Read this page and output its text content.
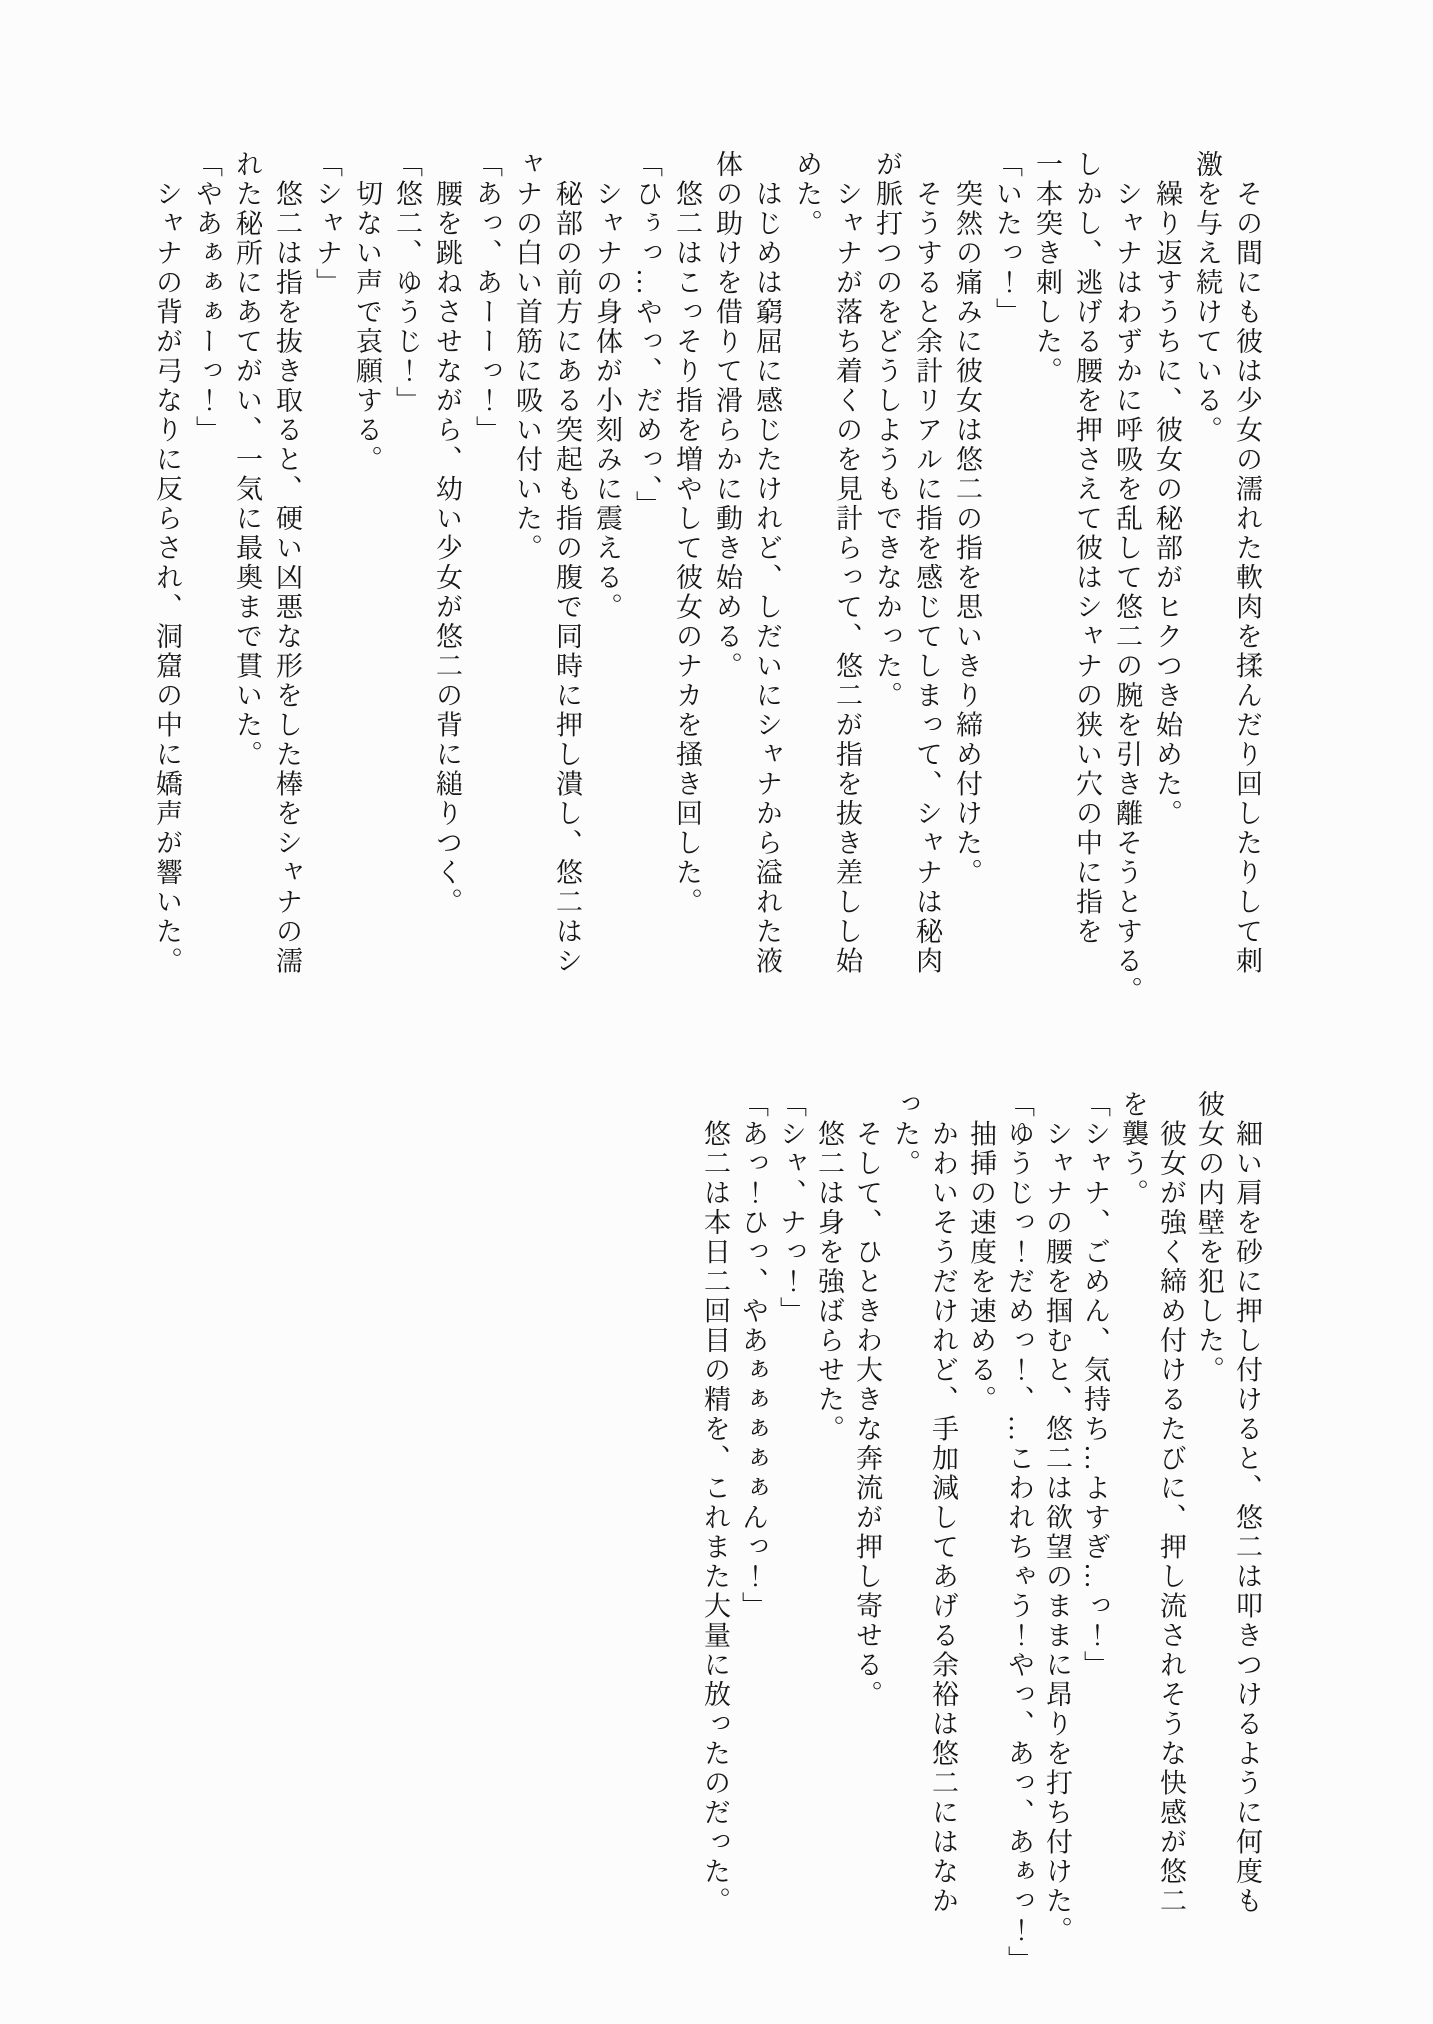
　その間にも彼は少女の濡れた軟肉を揉んだり回したりして刺
激を与え続けている。
　繰り返すうちに、彼女の秘部がヒクつき始めた。
　シャナはわずかに呼吸を乱して悠二の腕を引き離そうとする。
しかし、逃げる腰を押さえて彼はシャナの狭い穴の中に指を
一本突き刺した。
「いたっ！」
　突然の痛みに彼女は悠二の指を思いきり締め付けた。
　そうすると余計リアルに指を感じてしまって、シャナは秘肉
が脈打つのをどうしようもできなかった。
　シャナが落ち着くのを見計らって、悠二が指を抜き差しし始
めた。
　はじめは窮屈に感じたけれど、しだいにシャナから溢れた液
体の助けを借りて滑らかに動き始める。
　悠二はこっそり指を増やして彼女のナカを掻き回した。
「ひぅっ…やっ、だめっ、」
　シャナの身体が小刻みに震える。
　秘部の前方にある突起も指の腹で同時に押し潰し、悠二はシ
ャナの白い首筋に吸い付いた。
「あっ、あーーっ！」
　腰を跳ねさせながら、幼い少女が悠二の背に縋りつく。
「悠二、ゆうじ！」
　切ない声で哀願する。
「シャナ」
　悠二は指を抜き取ると、硬い凶悪な形をした棒をシャナの濡
れた秘所にあてがい、一気に最奥まで貫いた。
「やあぁぁぁーっ！」
　シャナの背が弓なりに反らされ、洞窟の中に嬌声が響いた。
　細い肩を砂に押し付けると、悠二は叩きつけるように何度も
彼女の内壁を犯した。
　彼女が強く締め付けるたびに、押し流されそうな快感が悠二
を襲う。
「シャナ、ごめん、気持ち…よすぎ…っ！」
　シャナの腰を掴むと、悠二は欲望のままに昂りを打ち付けた。
「ゆうじっ！だめっ！、…こわれちゃう！やっ、あっ、あぁっ！」
　抽挿の速度を速める。
　かわいそうだけれど、手加減してあげる余裕は悠二にはなか
った。
　そして、ひときわ大きな奔流が押し寄せる。
　悠二は身を強ばらせた。
「シャ、ナっ！」
「あっ！ひっ、やあぁぁぁぁぁんっ！」
　悠二は本日二回目の精を、これまた大量に放ったのだった。
